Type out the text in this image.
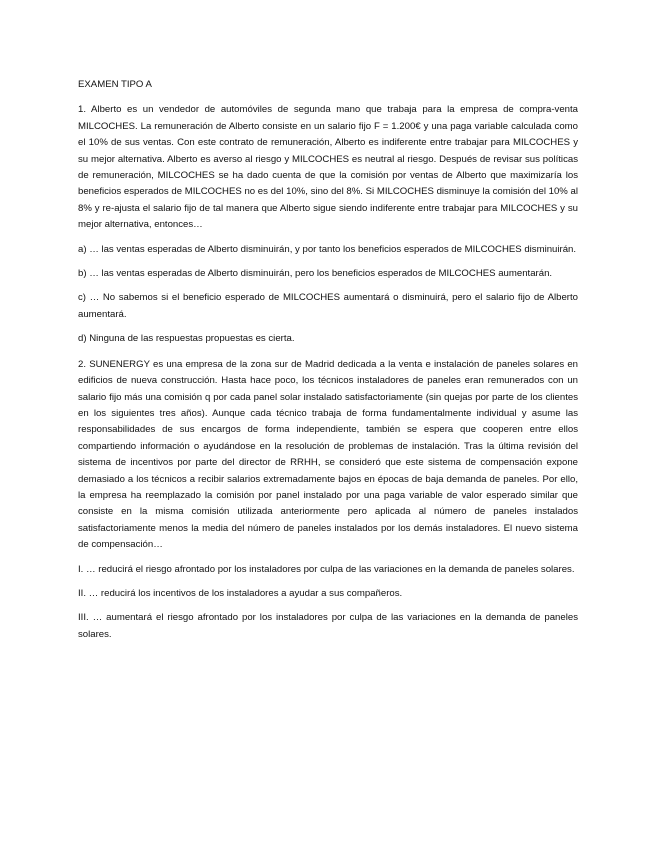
EXAMEN TIPO A

1. Alberto es un vendedor de automóviles de segunda mano que trabaja para la empresa de compra-venta MILCOCHES. La remuneración de Alberto consiste en un salario fijo F = 1.200€ y una paga variable calculada como el 10% de sus ventas. Con este contrato de remuneración, Alberto es indiferente entre trabajar para MILCOCHES y su mejor alternativa. Alberto es averso al riesgo y MILCOCHES es neutral al riesgo. Después de revisar sus políticas de remuneración, MILCOCHES se ha dado cuenta de que la comisión por ventas de Alberto que maximizaría los beneficios esperados de MILCOCHES no es del 10%, sino del 8%. Si MILCOCHES disminuye la comisión del 10% al 8% y re-ajusta el salario fijo de tal manera que Alberto sigue siendo indiferente entre trabajar para MILCOCHES y su mejor alternativa, entonces…

a) … las ventas esperadas de Alberto disminuirán, y por tanto los beneficios esperados de MILCOCHES disminuirán.

b) … las ventas esperadas de Alberto disminuirán, pero los beneficios esperados de MILCOCHES aumentarán.

c) … No sabemos si el beneficio esperado de MILCOCHES aumentará o disminuirá, pero el salario fijo de Alberto aumentará.

d) Ninguna de las respuestas propuestas es cierta.

2. SUNENERGY es una empresa de la zona sur de Madrid dedicada a la venta e instalación de paneles solares en edificios de nueva construcción. Hasta hace poco, los técnicos instaladores de paneles eran remunerados con un salario fijo más una comisión q por cada panel solar instalado satisfactoriamente (sin quejas por parte de los clientes en los siguientes tres años). Aunque cada técnico trabaja de forma fundamentalmente individual y asume las responsabilidades de sus encargos de forma independiente, también se espera que cooperen entre ellos compartiendo información o ayudándose en la resolución de problemas de instalación. Tras la última revisión del sistema de incentivos por parte del director de RRHH, se consideró que este sistema de compensación expone demasiado a los técnicos a recibir salarios extremadamente bajos en épocas de baja demanda de paneles. Por ello, la empresa ha reemplazado la comisión por panel instalado por una paga variable de valor esperado similar que consiste en la misma comisión utilizada anteriormente pero aplicada al número de paneles instalados satisfactoriamente menos la media del número de paneles instalados por los demás instaladores. El nuevo sistema de compensación…

I. … reducirá el riesgo afrontado por los instaladores por culpa de las variaciones en la demanda de paneles solares.

II. … reducirá los incentivos de los instaladores a ayudar a sus compañeros.

III. … aumentará el riesgo afrontado por los instaladores por culpa de las variaciones en la demanda de paneles solares.
